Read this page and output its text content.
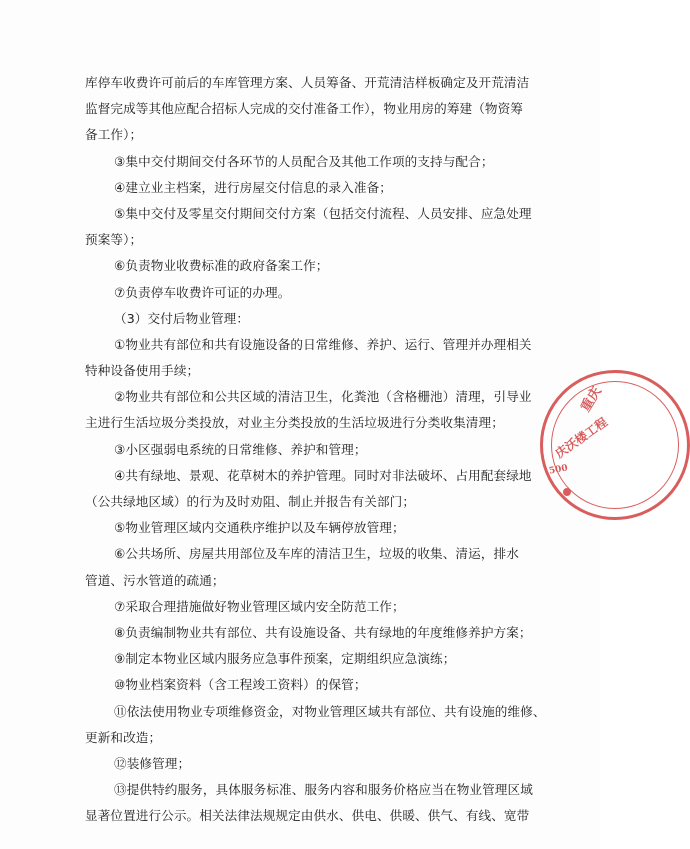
库停车收费许可前后的车库管理方案、人员筹备、开荒清洁样板确定及开荒清洁
监督完成等其他应配合招标人完成的交付准备工作），物业用房的筹建（物资筹
备工作）；
③集中交付期间交付各环节的人员配合及其他工作项的支持与配合；
④建立业主档案，进行房屋交付信息的录入准备；
⑤集中交付及零星交付期间交付方案（包括交付流程、人员安排、应急处理
预案等）；
⑥负责物业收费标准的政府备案工作；
⑦负责停车收费许可证的办理。
（3）交付后物业管理：
①物业共有部位和共有设施设备的日常维修、养护、运行、管理并办理相关
特种设备使用手续；
②物业共有部位和公共区域的清洁卫生，化粪池（含格栅池）清理，引导业
主进行生活垃圾分类投放，对业主分类投放的生活垃圾进行分类收集清理；
③小区强弱电系统的日常维修、养护和管理；
④共有绿地、景观、花草树木的养护管理。同时对非法破坏、占用配套绿地
（公共绿地区域）的行为及时劝阻、制止并报告有关部门；
⑤物业管理区域内交通秩序维护以及车辆停放管理；
⑥公共场所、房屋共用部位及车库的清洁卫生，垃圾的收集、清运，排水
管道、污水管道的疏通；
⑦采取合理措施做好物业管理区域内安全防范工作；
⑧负责编制物业共有部位、共有设施设备、共有绿地的年度维修养护方案；
⑨制定本物业区域内服务应急事件预案，定期组织应急演练；
⑩物业档案资料（含工程竣工资料）的保管；
⑪依法使用物业专项维修资金，对物业管理区域共有部位、共有设施的维修、
更新和改造；
⑫装修管理；
⑬提供特约服务，具体服务标准、服务内容和服务价格应当在物业管理区域
显著位置进行公示。相关法律法规规定由供水、供电、供暖、供气、有线、宽带
重庆
庆沃楼工程
500
